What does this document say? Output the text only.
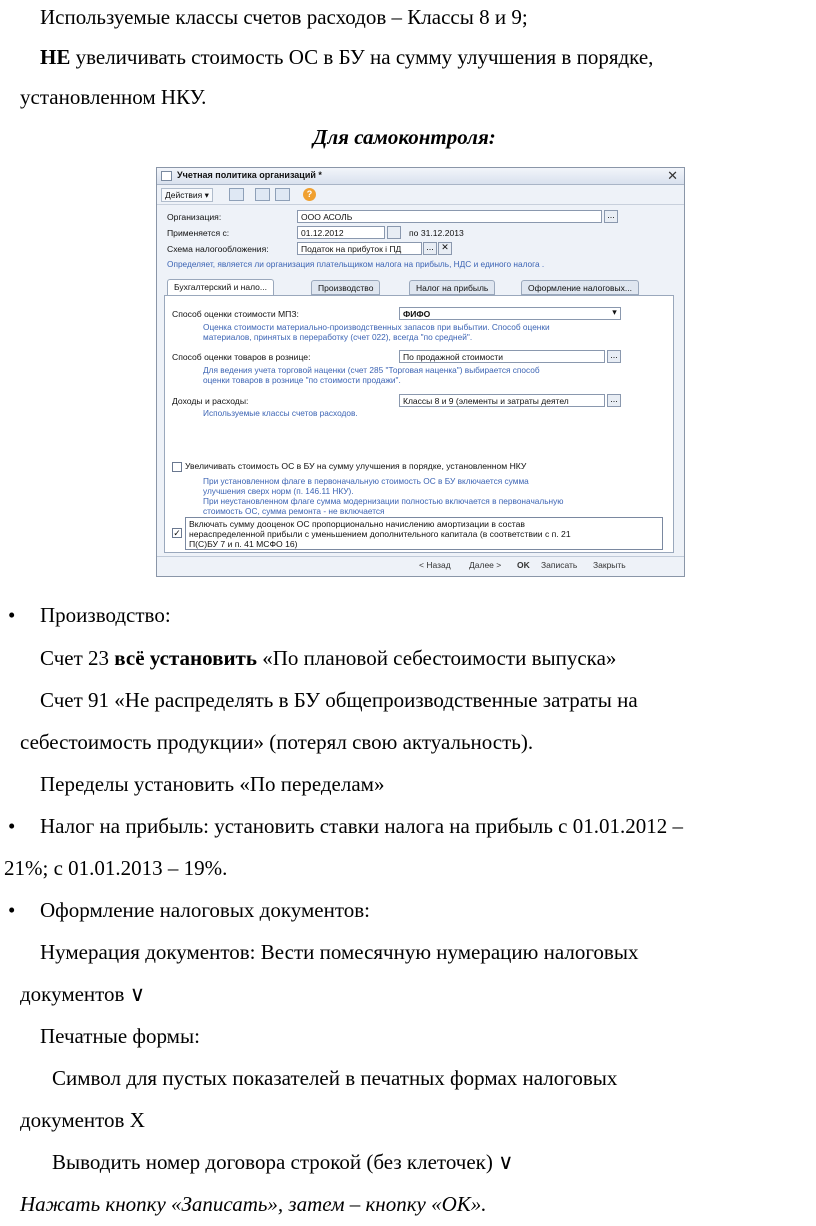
Используемые классы счетов расходов – Классы 8 и 9;
НЕ увеличивать стоимость ОС в БУ на сумму улучшения в порядке,
установленном НКУ.
Для самоконтроля:
Учетная политика организаций *	✕
Действия ▾	?
Организация:	ООО АСОЛЬ	...
Применяется с:	01.12.2012	по 31.12.2013
Схема налогообложения:	Податок на прибуток і ПД	... ✕
Определяет, является ли организация плательщиком налога на прибыль, НДС и единого налога .
Бухгалтерский и нало...	Производство	Налог на прибыль	Оформление налоговых...
Способ оценки стоимости МПЗ:	ФИФО	▾
Оценка стоимости материально-производственных запасов при выбытии. Способ оценки
материалов, принятых в переработку (счет 022), всегда "по средней".
Способ оценки товаров в рознице:	По продажной стоимости	...
Для ведения учета торговой наценки (счет 285 "Торговая наценка") выбирается способ
оценки товаров в рознице "по стоимости продажи".
Доходы и расходы:	Классы 8 и 9 (элементы и затраты деятел	...
Используемые классы счетов расходов.
Увеличивать стоимость ОС в БУ на сумму улучшения в порядке, установленном НКУ
При установленном флаге в первоначальную стоимость ОС в БУ включается сумма
улучшения сверх норм (п. 146.11 НКУ).
При неустановленном флаге сумма модернизации полностью включается в первоначальную
стоимость ОС, сумма ремонта - не включается
✓
Включать сумму дооценок ОС пропорционально начислению амортизации в состав
нераспределенной прибыли с уменьшением дополнительного капитала (в соответствии с п. 21
П(С)БУ 7 и п. 41 МСФО 16)
< Назад Далее > OK Записать Закрыть
• Производство:
Счет 23 всё установить «По плановой себестоимости выпуска»
Счет 91 «Не распределять в БУ общепроизводственные затраты на
себестоимость продукции» (потерял свою актуальность).
Переделы установить «По переделам»
• Налог на прибыль: установить ставки налога на прибыль с 01.01.2012 –
21%; с 01.01.2013 – 19%.
• Оформление налоговых документов:
Нумерация документов: Вести помесячную нумерацию налоговых
документов ∨
Печатные формы:
Символ для пустых показателей в печатных формах налоговых
документов Х
Выводить номер договора строкой (без клеточек) ∨
Нажать кнопку «Записать», затем – кнопку «ОК».
